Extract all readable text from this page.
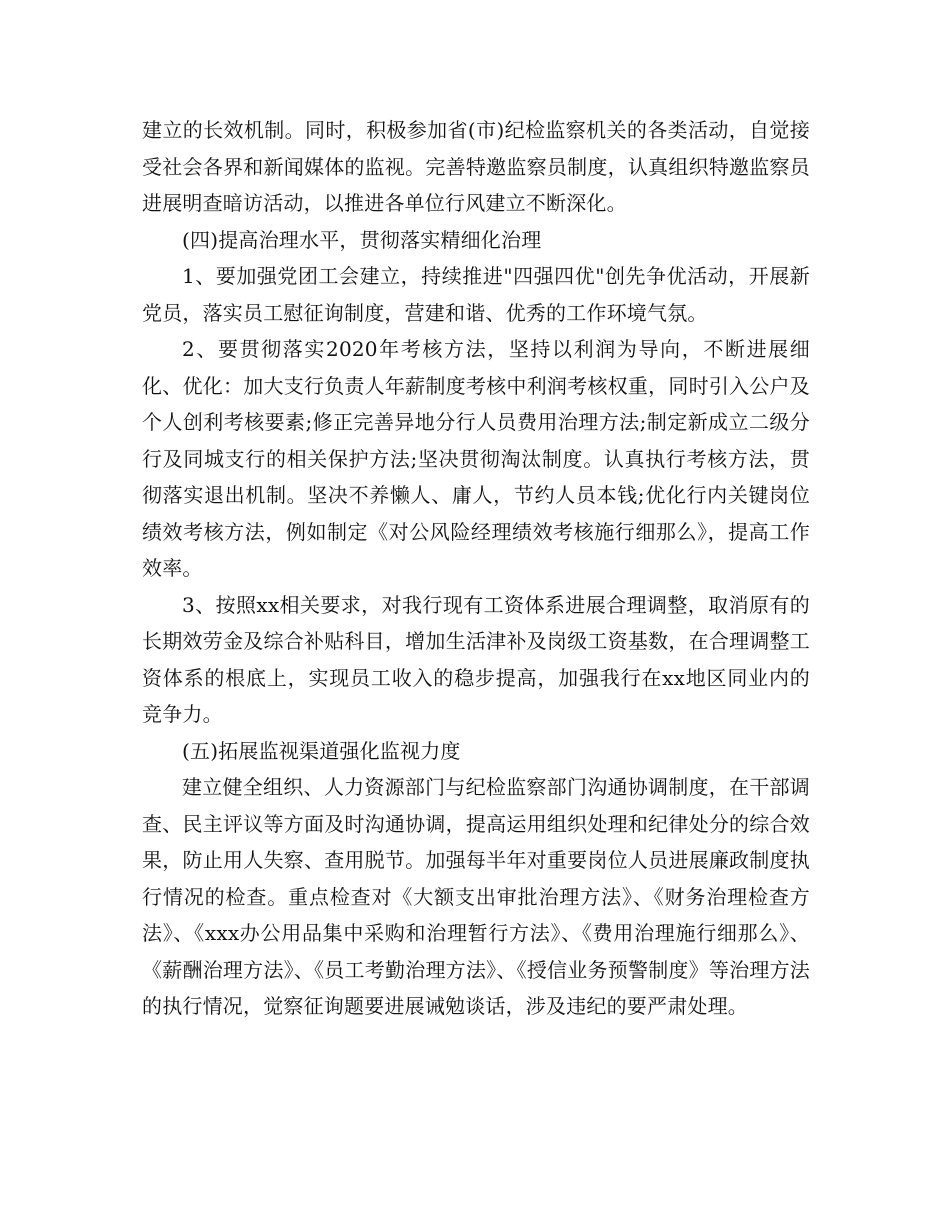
建立的长效机制。同时，积极参加省(市)纪检监察机关的各类活动，自觉接受社会各界和新闻媒体的监视。完善特邀监察员制度，认真组织特邀监察员进展明查暗访活动，以推进各单位行风建立不断深化。

(四)提高治理水平，贯彻落实精细化治理

1、要加强党团工会建立，持续推进"四强四优"创先争优活动，开展新党员，落实员工慰征询制度，营建和谐、优秀的工作环境气氛。

2、要贯彻落实2020年考核方法，坚持以利润为导向，不断进展细化、优化：加大支行负责人年薪制度考核中利润考核权重，同时引入公户及个人创利考核要素;修正完善异地分行人员费用治理方法;制定新成立二级分行及同城支行的相关保护方法;坚决贯彻淘汰制度。认真执行考核方法，贯彻落实退出机制。坚决不养懒人、庸人，节约人员本钱;优化行内关键岗位绩效考核方法，例如制定《对公风险经理绩效考核施行细那么》，提高工作效率。

3、按照xx相关要求，对我行现有工资体系进展合理调整，取消原有的长期效劳金及综合补贴科目，增加生活津补及岗级工资基数，在合理调整工资体系的根底上，实现员工收入的稳步提高，加强我行在xx地区同业内的竞争力。

(五)拓展监视渠道强化监视力度

建立健全组织、人力资源部门与纪检监察部门沟通协调制度，在干部调查、民主评议等方面及时沟通协调，提高运用组织处理和纪律处分的综合效果，防止用人失察、查用脱节。加强每半年对重要岗位人员进展廉政制度执行情况的检查。重点检查对《大额支出审批治理方法》、《财务治理检查方法》、《xxx办公用品集中采购和治理暂行方法》、《费用治理施行细那么》、《薪酬治理方法》、《员工考勤治理方法》、《授信业务预警制度》等治理方法的执行情况，觉察征询题要进展诫勉谈话，涉及违纪的要严肃处理。
